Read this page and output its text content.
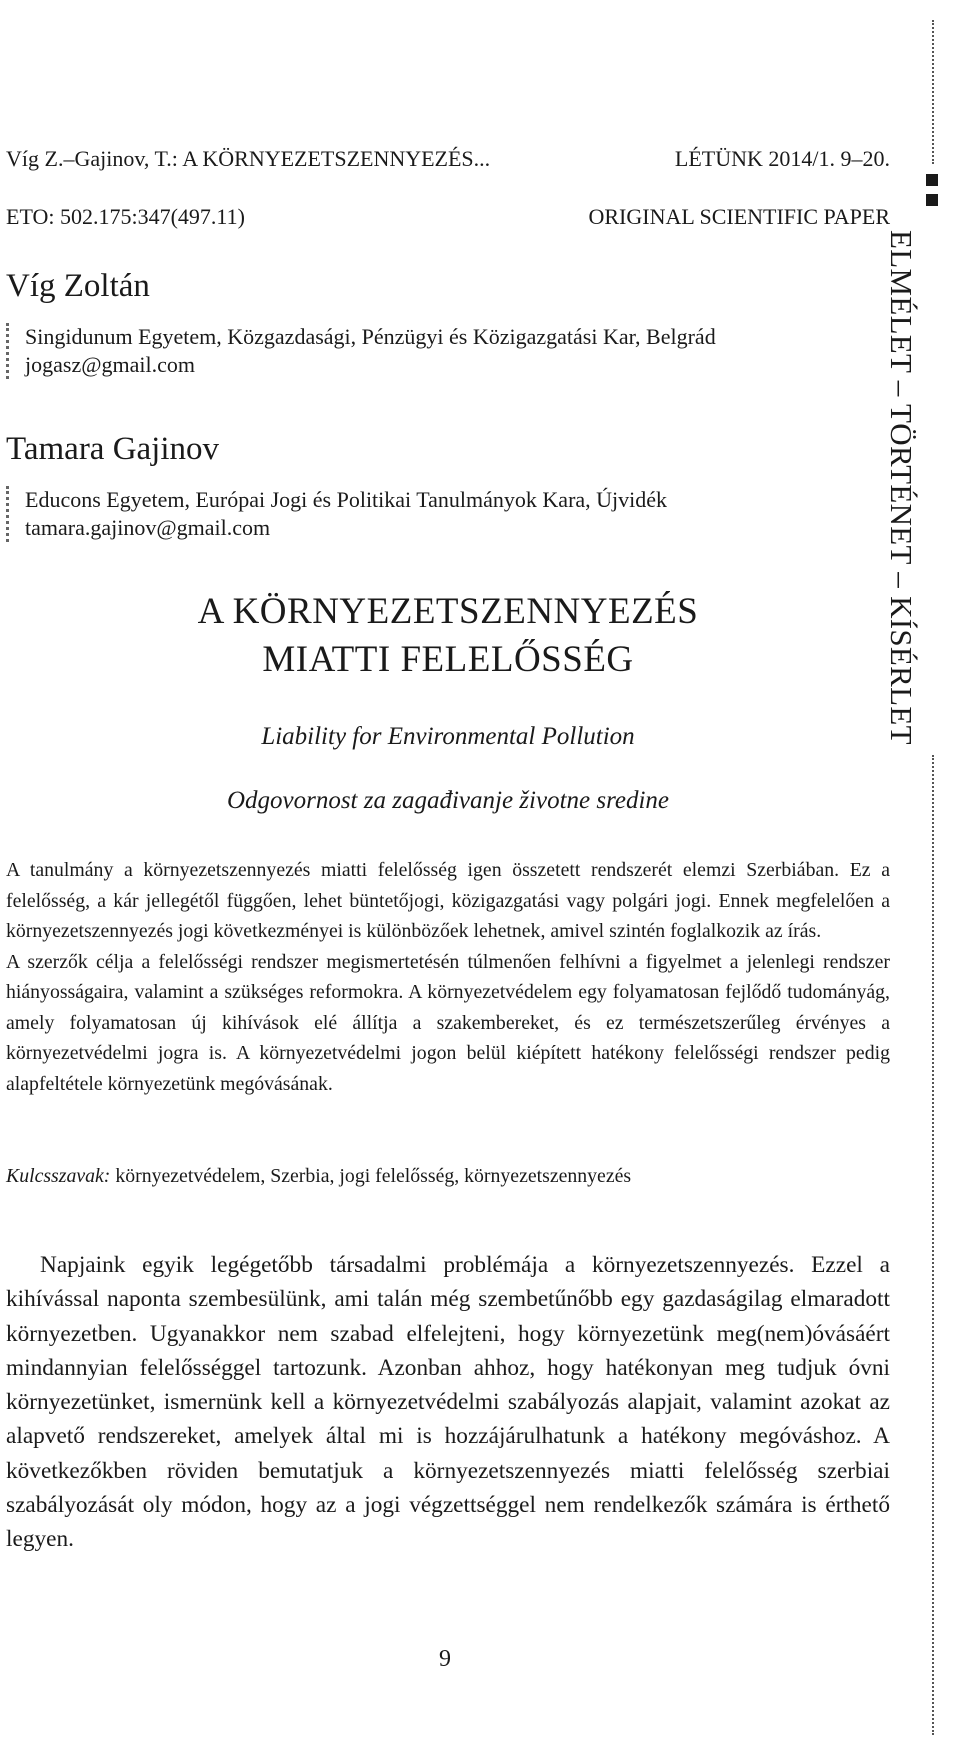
Víg Z.–Gajinov, T.: A KÖRNYEZETSZENNYEZÉS...	LÉTÜNK 2014/1. 9–20.
ETO: 502.175:347(497.11)	ORIGINAL SCIENTIFIC PAPER
Víg Zoltán
Singidunum Egyetem, Közgazdasági, Pénzügyi és Közigazgatási Kar, Belgrád
jogasz@gmail.com
Tamara Gajinov
Educons Egyetem, Európai Jogi és Politikai Tanulmányok Kara, Újvidék
tamara.gajinov@gmail.com
A KÖRNYEZETSZENNYEZÉS
MIATTI FELELŐSSÉG
Liability for Environmental Pollution
Odgovornost za zagađivanje životne sredine

A tanulmány a környezetszennyezés miatti felelősség igen összetett rendszerét elemzi Szerbiában. Ez a felelősség, a kár jellegétől függően, lehet büntetőjogi, közigazgatási vagy polgári jogi. Ennek megfelelően a környezetszennyezés jogi következményei is különbözőek lehetnek, amivel szintén foglalkozik az írás.

A szerzők célja a felelősségi rendszer megismertetésén túlmenően felhívni a figyelmet a jelenlegi rendszer hiányosságaira, valamint a szükséges reformokra. A környezetvédelem egy folyamatosan fejlődő tudományág, amely folyamatosan új kihívások elé állítja a szakembereket, és ez természetszerűleg érvényes a környezetvédelmi jogra is. A környezetvédelmi jogon belül kiépített hatékony felelősségi rendszer pedig alapfeltétele környezetünk megóvásának.

Kulcsszavak: környezetvédelem, Szerbia, jogi felelősség, környezetszennyezés

Napjaink egyik legégetőbb társadalmi problémája a környezetszennyezés. Ezzel a kihívással naponta szembesülünk, ami talán még szembetűnőbb egy gazdaságilag elmaradott környezetben. Ugyanakkor nem szabad elfelejteni, hogy környezetünk meg(nem)óvásáért mindannyian felelősséggel tartozunk. Azonban ahhoz, hogy hatékonyan meg tudjuk óvni környezetünket, ismernünk kell a környezetvédelmi szabályozás alapjait, valamint azokat az alapvető rendszereket, amelyek által mi is hozzájárulhatunk a hatékony megóváshoz. A következőkben röviden bemutatjuk a környezetszennyezés miatti felelősség szerbiai szabályozását oly módon, hogy az a jogi végzettséggel nem rendelkezők számára is érthető legyen.

9
ELMÉLET – TÖRTÉNET – KÍSÉRLET
